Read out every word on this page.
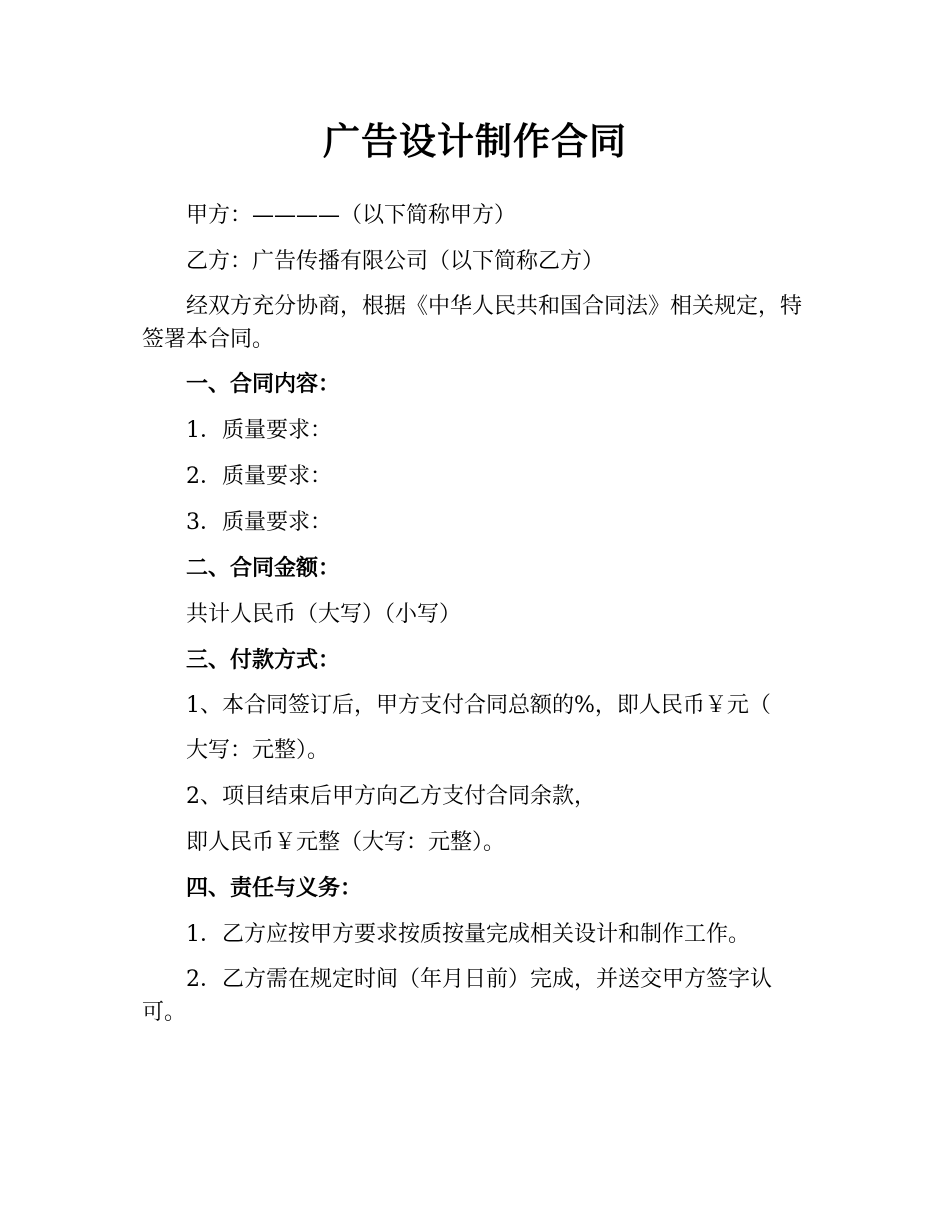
广告设计制作合同

甲方：————（以下简称甲方）

乙方：广告传播有限公司（以下简称乙方）

经双方充分协商，根据《中华人民共和国合同法》相关规定，特签署本合同。

一、合同内容：

1．质量要求：

2．质量要求：

3．质量要求：

二、合同金额：

共计人民币（大写）（小写）

三、付款方式：

1、本合同签订后，甲方支付合同总额的%，即人民币￥元（

大写：元整）。

2、项目结束后甲方向乙方支付合同余款，

即人民币￥元整（大写：元整）。

四、责任与义务：

1．乙方应按甲方要求按质按量完成相关设计和制作工作。

2．乙方需在规定时间（年月日前）完成，并送交甲方签字认可。
